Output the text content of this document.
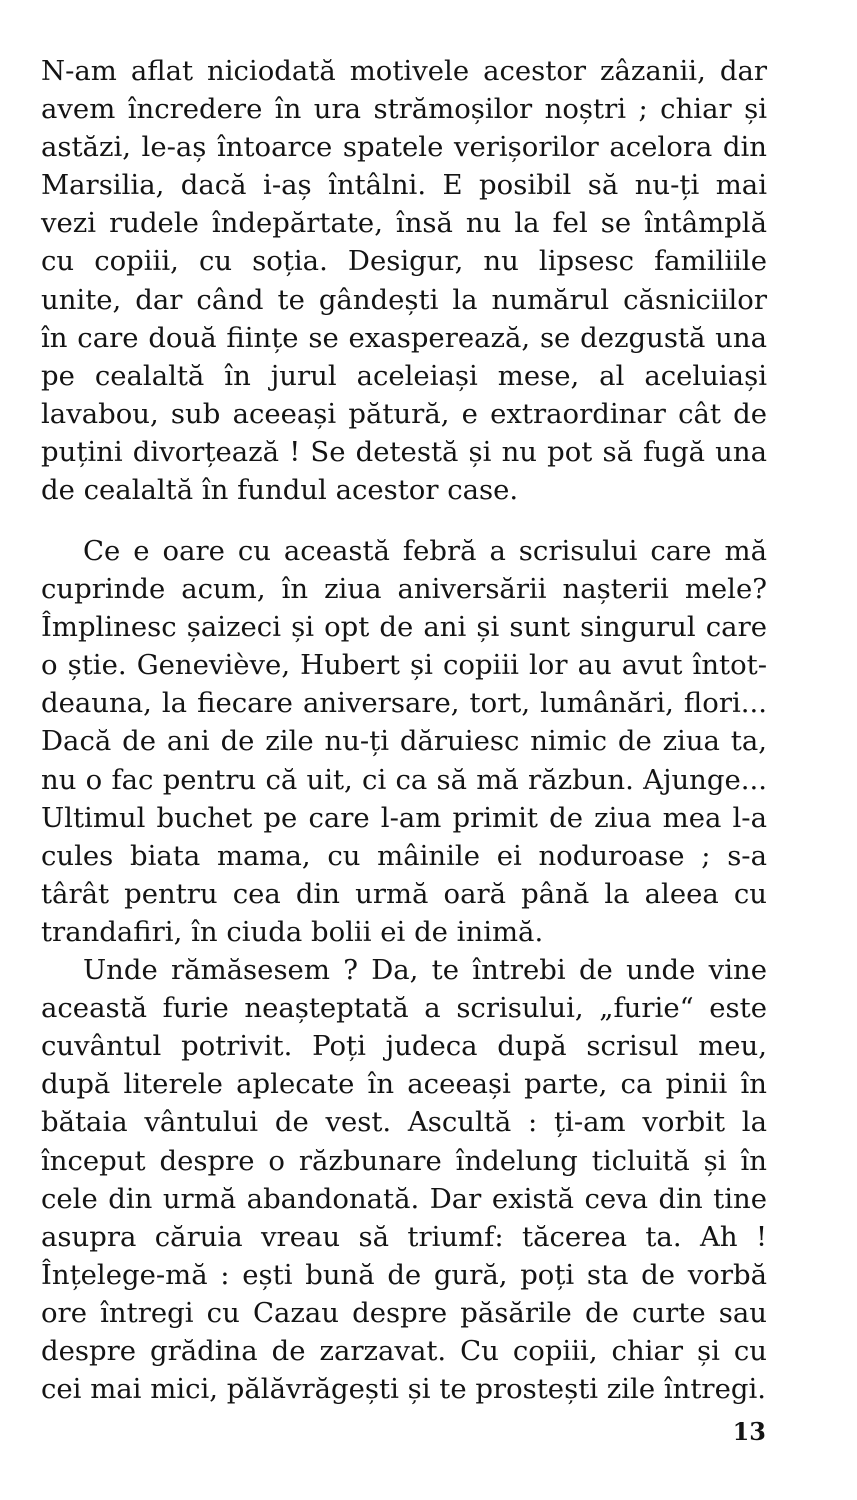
N-am aflat niciodată motivele acestor zâzanii, dar
avem încredere în ura strămoșilor noștri ; chiar și
astăzi, le-aș întoarce spatele verișorilor acelora din
Marsilia, dacă i-aș întâlni. E posibil să nu-ți mai
vezi rudele îndepărtate, însă nu la fel se întâmplă
cu copiii, cu soția. Desigur, nu lipsesc familiile
unite, dar când te gândești la numărul căsniciilor
în care două ființe se exasperează, se dezgustă una
pe cealaltă în jurul aceleiași mese, al aceluiași
lavabou, sub aceeași pătură, e extraordinar cât de
puțini divorțează ! Se detestă și nu pot să fugă una
de cealaltă în fundul acestor case.
Ce e oare cu această febră a scrisului care mă
cuprinde acum, în ziua aniversării nașterii mele?
Împlinesc șaizeci și opt de ani și sunt singurul care
o știe. Geneviève, Hubert și copiii lor au avut întot-
deauna, la fiecare aniversare, tort, lumânări, flori...
Dacă de ani de zile nu-ți dăruiesc nimic de ziua ta,
nu o fac pentru că uit, ci ca să mă răzbun. Ajunge...
Ultimul buchet pe care l-am primit de ziua mea l-a
cules biata mama, cu mâinile ei noduroase ; s-a
târât pentru cea din urmă oară până la aleea cu
trandafiri, în ciuda bolii ei de inimă.
Unde rămăsesem ? Da, te întrebi de unde vine
această furie neașteptată a scrisului, „furie“ este
cuvântul potrivit. Poți judeca după scrisul meu,
după literele aplecate în aceeași parte, ca pinii în
bătaia vântului de vest. Ascultă : ți-am vorbit la
început despre o răzbunare îndelung ticluită și în
cele din urmă abandonată. Dar există ceva din tine
asupra căruia vreau să triumf: tăcerea ta. Ah !
Înțelege-mă : ești bună de gură, poți sta de vorbă
ore întregi cu Cazau despre păsările de curte sau
despre grădina de zarzavat. Cu copiii, chiar și cu
cei mai mici, pălăvrăgești și te prostești zile întregi.
13
